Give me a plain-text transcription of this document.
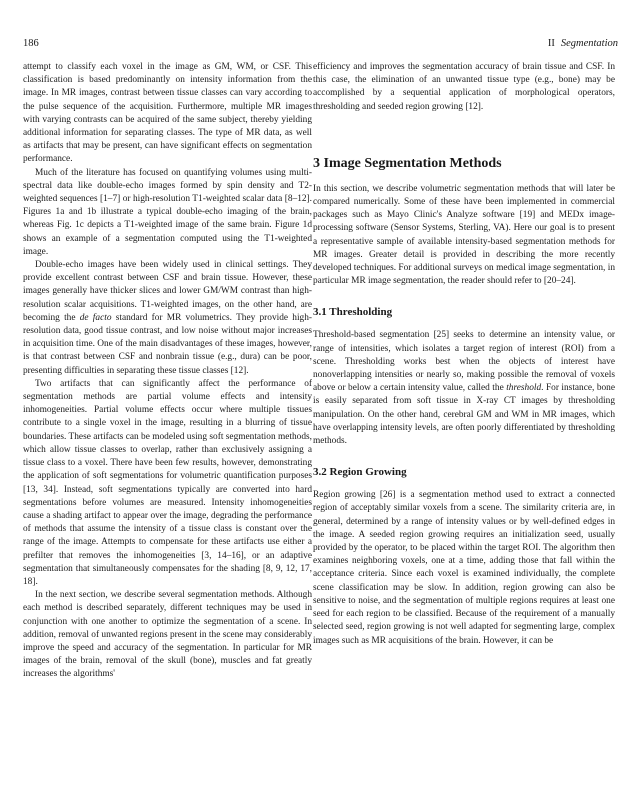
186	II Segmentation

attempt to classify each voxel in the image as GM, WM, or CSF. This classification is based predominantly on intensity information from the image. In MR images, contrast between tissue classes can vary according to the pulse sequence of the acquisition. Furthermore, multiple MR images with varying contrasts can be acquired of the same subject, thereby yielding additional information for separating classes. The type of MR data, as well as artifacts that may be present, can have significant effects on segmentation performance.

Much of the literature has focused on quantifying volumes using multi-spectral data like double-echo images formed by spin density and T2-weighted sequences [1–7] or high-resolution T1-weighted scalar data [8–12]. Figures 1a and 1b illustrate a typical double-echo imaging of the brain, whereas Fig. 1c depicts a T1-weighted image of the same brain. Figure 1d shows an example of a segmentation computed using the T1-weighted image.

Double-echo images have been widely used in clinical settings. They provide excellent contrast between CSF and brain tissue. However, these images generally have thicker slices and lower GM/WM contrast than high-resolution scalar acquisitions. T1-weighted images, on the other hand, are becoming the de facto standard for MR volumetrics. They provide high-resolution data, good tissue contrast, and low noise without major increases in acquisition time. One of the main disadvantages of these images, however, is that contrast between CSF and nonbrain tissue (e.g., dura) can be poor, presenting difficulties in separating these tissue classes [12].

Two artifacts that can significantly affect the performance of segmentation methods are partial volume effects and intensity inhomogeneities. Partial volume effects occur where multiple tissues contribute to a single voxel in the image, resulting in a blurring of tissue boundaries. These artifacts can be modeled using soft segmentation methods, which allow tissue classes to overlap, rather than exclusively assigning a tissue class to a voxel. There have been few results, however, demonstrating the application of soft segmentations for volumetric quantification purposes [13, 34]. Instead, soft segmentations typically are converted into hard segmentations before volumes are measured. Intensity inhomogeneities cause a shading artifact to appear over the image, degrading the performance of methods that assume the intensity of a tissue class is constant over the range of the image. Attempts to compensate for these artifacts use either a prefilter that removes the inhomogeneities [3, 14–16], or an adaptive segmentation that simultaneously compensates for the shading [8, 9, 12, 17, 18].

In the next section, we describe several segmentation methods. Although each method is described separately, different techniques may be used in conjunction with one another to optimize the segmentation of a scene. In addition, removal of unwanted regions present in the scene may considerably improve the speed and accuracy of the segmentation. In particular for MR images of the brain, removal of the skull (bone), muscles and fat greatly increases the algorithms'

efficiency and improves the segmentation accuracy of brain tissue and CSF. In this case, the elimination of an unwanted tissue type (e.g., bone) may be accomplished by a sequential application of morphological operators, thresholding and seeded region growing [12].

3 Image Segmentation Methods

In this section, we describe volumetric segmentation methods that will later be compared numerically. Some of these have been implemented in commercial packages such as Mayo Clinic's Analyze software [19] and MEDx image-processing software (Sensor Systems, Sterling, VA). Here our goal is to present a representative sample of available intensity-based segmentation methods for MR images. Greater detail is provided in describing the more recently developed techniques. For additional surveys on medical image segmentation, in particular MR image segmentation, the reader should refer to [20–24].

3.1 Thresholding

Threshold-based segmentation [25] seeks to determine an intensity value, or range of intensities, which isolates a target region of interest (ROI) from a scene. Thresholding works best when the objects of interest have nonoverlapping intensities or nearly so, making possible the removal of voxels above or below a certain intensity value, called the threshold. For instance, bone is easily separated from soft tissue in X-ray CT images by thresholding manipulation. On the other hand, cerebral GM and WM in MR images, which have overlapping intensity levels, are often poorly differentiated by thresholding methods.

3.2 Region Growing

Region growing [26] is a segmentation method used to extract a connected region of acceptably similar voxels from a scene. The similarity criteria are, in general, determined by a range of intensity values or by well-defined edges in the image. A seeded region growing requires an initialization seed, usually provided by the operator, to be placed within the target ROI. The algorithm then examines neighboring voxels, one at a time, adding those that fall within the acceptance criteria. Since each voxel is examined individually, the complete scene classification may be slow. In addition, region growing can also be sensitive to noise, and the segmentation of multiple regions requires at least one seed for each region to be classified. Because of the requirement of a manually selected seed, region growing is not well adapted for segmenting large, complex images such as MR acquisitions of the brain. However, it can be
